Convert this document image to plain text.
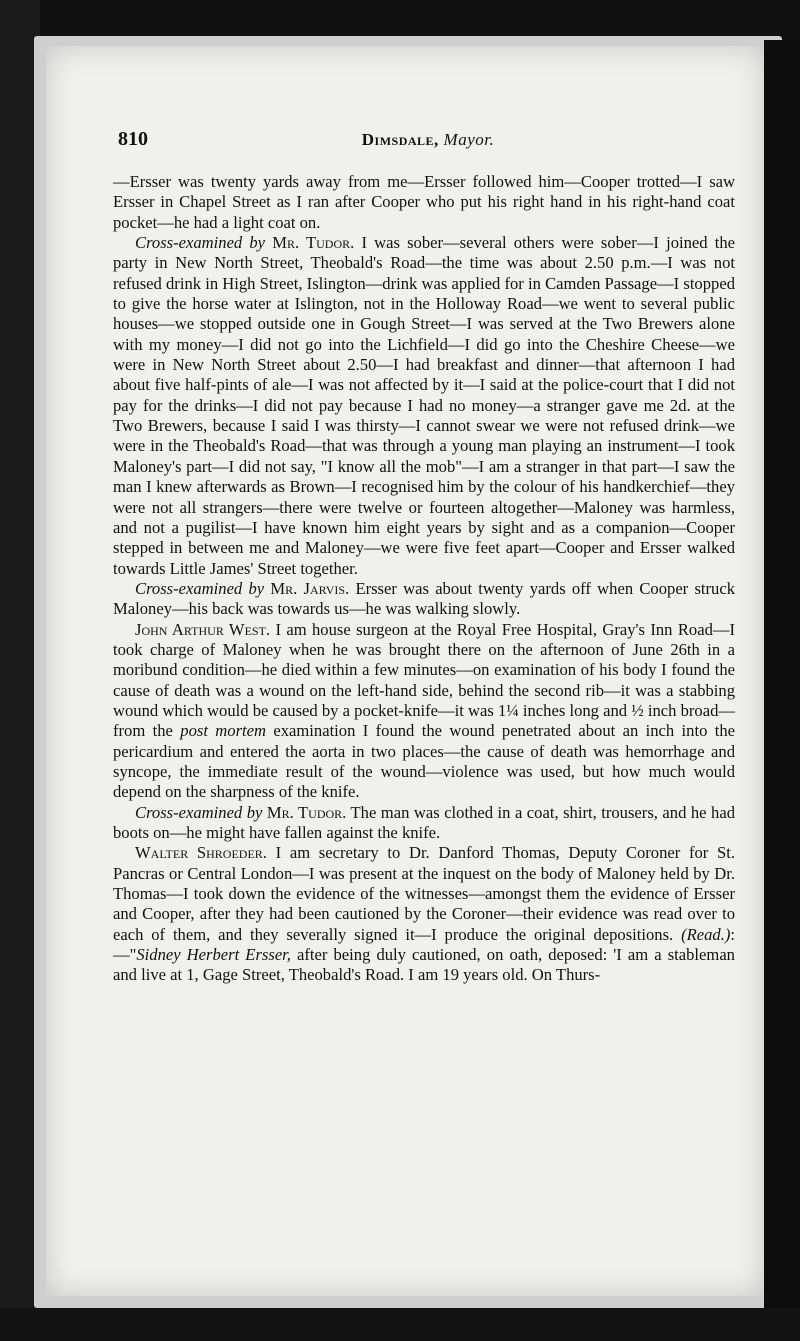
810	Dimsdale, Mayor.

—Ersser was twenty yards away from me—Ersser followed him—Cooper trotted—I saw Ersser in Chapel Street as I ran after Cooper who put his right hand in his right-hand coat pocket—he had a light coat on.

Cross-examined by Mr. Tudor. I was sober—several others were sober—I joined the party in New North Street, Theobald's Road—the time was about 2.50 p.m.—I was not refused drink in High Street, Islington—drink was applied for in Camden Passage—I stopped to give the horse water at Islington, not in the Holloway Road—we went to several public houses—we stopped outside one in Gough Street—I was served at the Two Brewers alone with my money—I did not go into the Lichfield—I did go into the Cheshire Cheese—we were in New North Street about 2.50—I had breakfast and dinner—that afternoon I had about five half-pints of ale—I was not affected by it—I said at the police-court that I did not pay for the drinks—I did not pay because I had no money—a stranger gave me 2d. at the Two Brewers, because I said I was thirsty—I cannot swear we were not refused drink—we were in the Theobald's Road—that was through a young man playing an instrument—I took Maloney's part—I did not say, "I know all the mob"—I am a stranger in that part—I saw the man I knew afterwards as Brown—I recognised him by the colour of his handkerchief—they were not all strangers—there were twelve or fourteen altogether—Maloney was harmless, and not a pugilist—I have known him eight years by sight and as a companion—Cooper stepped in between me and Maloney—we were five feet apart—Cooper and Ersser walked towards Little James' Street together.

Cross-examined by Mr. Jarvis. Ersser was about twenty yards off when Cooper struck Maloney—his back was towards us—he was walking slowly.

John Arthur West. I am house surgeon at the Royal Free Hospital, Gray's Inn Road—I took charge of Maloney when he was brought there on the afternoon of June 26th in a moribund condition—he died within a few minutes—on examination of his body I found the cause of death was a wound on the left-hand side, behind the second rib—it was a stabbing wound which would be caused by a pocket-knife—it was 1¼ inches long and ½ inch broad—from the post mortem examination I found the wound penetrated about an inch into the pericardium and entered the aorta in two places—the cause of death was hemorrhage and syncope, the immediate result of the wound—violence was used, but how much would depend on the sharpness of the knife.

Cross-examined by Mr. Tudor. The man was clothed in a coat, shirt, trousers, and he had boots on—he might have fallen against the knife.

Walter Shroeder. I am secretary to Dr. Danford Thomas, Deputy Coroner for St. Pancras or Central London—I was present at the inquest on the body of Maloney held by Dr. Thomas—I took down the evidence of the witnesses—amongst them the evidence of Ersser and Cooper, after they had been cautioned by the Coroner—their evidence was read over to each of them, and they severally signed it—I produce the original depositions. (Read.):—"Sidney Herbert Ersser, after being duly cautioned, on oath, deposed: 'I am a stableman and live at 1, Gage Street, Theobald's Road. I am 19 years old. On Thurs-
